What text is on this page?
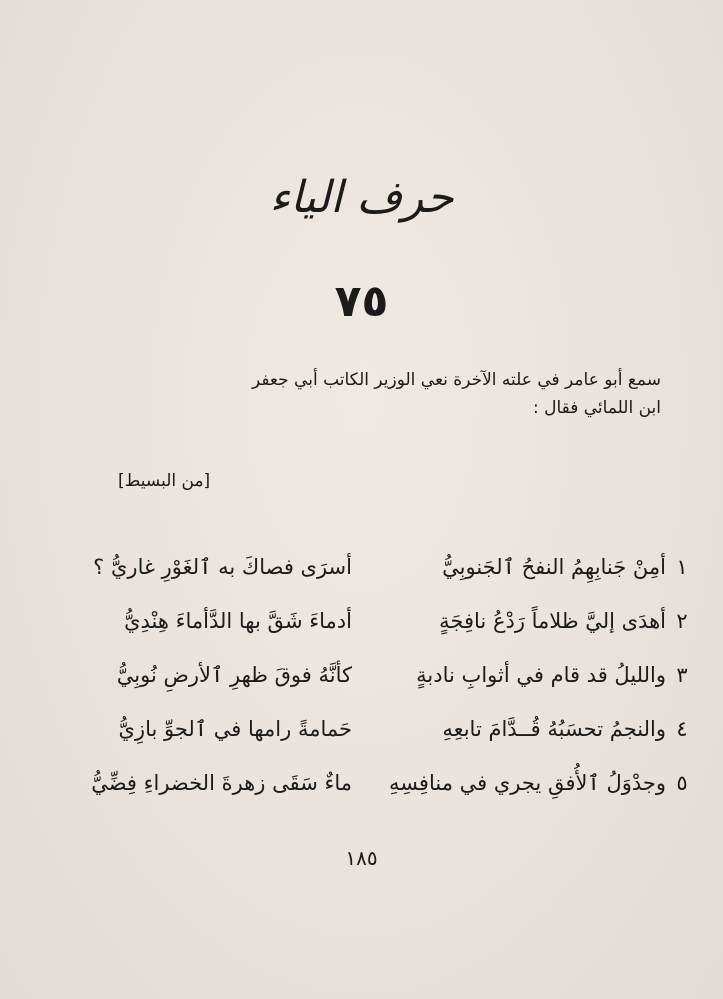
حرف الياء
٧٥
سمع أبو عامر في علته الآخرة نعي الوزير الكاتب أبي جعفر
ابن اللمائي فقال :
[من البسيط]
١
أمِنْ جَنابِهِمُ النفحُ ٱلجَنوبِيُّ
أسرَى فصاكَ به ٱلغَوْرِ غاريُّ ؟
٢
أهدَى إليَّ ظلاماً رَدْعُ نافِجَةٍ
أدماءَ شَقَّ بها الدَّأماءَ هِنْدِيُّ
٣
والليلُ قد قام في أثوابِ نادبةٍ
كأنَّهُ فوقَ ظهرِ ٱلأرضِ نُوبِيُّ
٤
والنجمُ تحسَبُهُ قُــدَّامَ تابعِهِ
حَمامةً رامها في ٱلجوِّ بازِيُّ
٥
وجدْوَلُ ٱلأُفقِ يجري في منافِسِهِ
ماءٌ سَقَى زهرةَ الخضراءِ فِضِّيُّ
١٨٥
